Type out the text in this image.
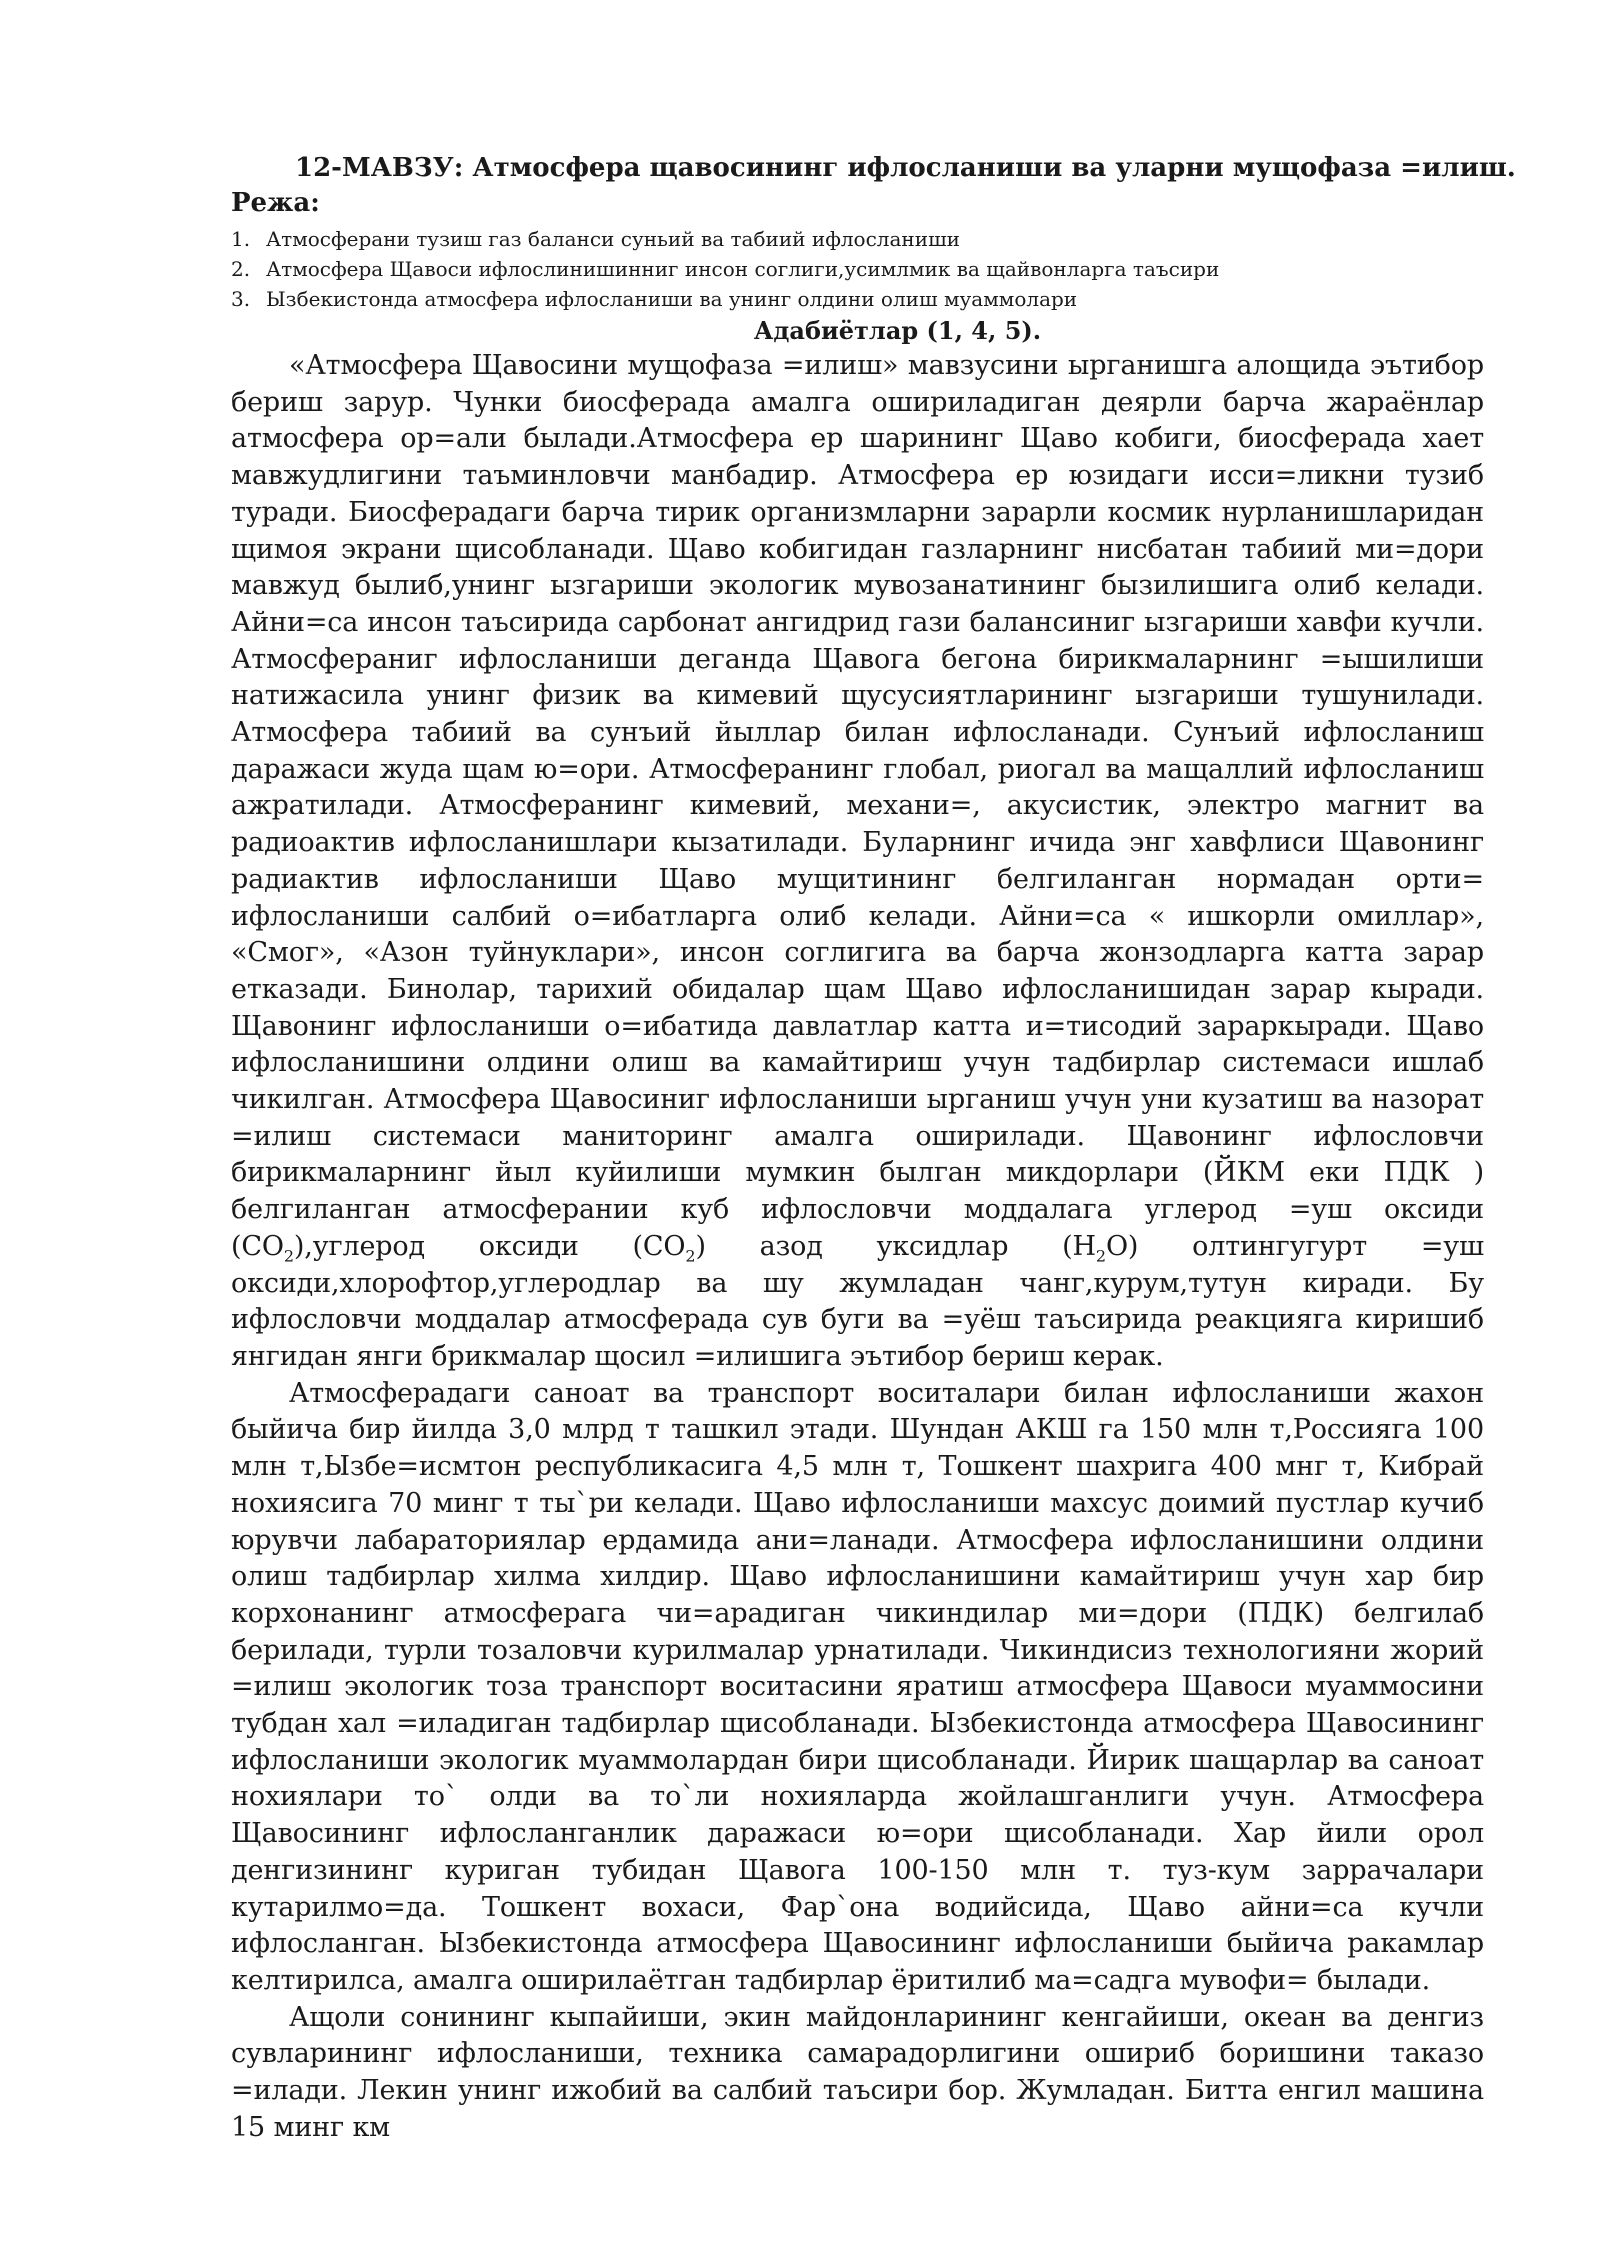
12-МАВЗУ: Атмосфера щавосининг ифлосланиши ва уларни мущофаза =илиш.
Режа:
1. Атмосферани тузиш газ баланси суньий ва табиий ифлосланиши
2. Атмосфера Щавоси ифлослинишинниг инсон соглиги,усимлмик ва щайвонларга таъсири
3. Ызбекистонда атмосфера ифлосланиши ва унинг олдини олиш муаммолари

Адабиётлар (1, 4, 5).

«Атмосфера Щавосини мущофаза =илиш» мавзусини ырганишга алощида эътибор бериш зарур. Чунки биосферада амалга ошириладиган деярли барча жараёнлар атмосфера ор=али былади.Атмосфера ер шарининг Щаво кобиги, биосферада хает мавжудлигини таъминловчи манбадир. Атмосфера ер юзидаги исси=ликни тузиб туради. Биосферадаги барча тирик организмларни зарарли космик нурланишларидан щимоя экрани щисобланади. Щаво кобигидан газларнинг нисбатан табиий ми=дори мавжуд былиб,унинг ызгариши экологик мувозанатининг бызилишига олиб келади. Айни=са инсон таъсирида сарбонат ангидрид гази балансиниг ызгариши хавфи кучли. Атмосфераниг ифлосланиши деганда Щавога бегона бирикмаларнинг =ышилиши натижасила унинг физик ва кимевий щусусиятларининг ызгариши тушунилади. Атмосфера табиий ва сунъий йыллар билан ифлосланади. Сунъий ифлосланиш даражаси жуда щам ю=ори. Атмосферанинг глобал, риогал ва мащаллий ифлосланиш ажратилади. Атмосферанинг кимевий, механи=, акусистик, электро магнит ва радиоактив ифлосланишлари кызатилади. Буларнинг ичида энг хавфлиси Щавонинг радиактив ифлосланиши Щаво мущитининг белгиланган нормадан орти= ифлосланиши салбий о=ибатларга олиб келади. Айни=са « ишкорли омиллар», «Смог», «Азон туйнуклари», инсон соглигига ва барча жонзодларга катта зарар етказади. Бинолар, тарихий обидалар щам Щаво ифлосланишидан зарар кыради. Щавонинг ифлосланиши о=ибатида давлатлар катта и=тисодий зараркыради. Щаво ифлосланишини олдини олиш ва камайтириш учун тадбирлар системаси ишлаб чикилган. Атмосфера Щавосиниг ифлосланиши ырганиш учун уни кузатиш ва назорат =илиш системаси маниторинг амалга оширилади. Щавонинг ифлословчи бирикмаларнинг йыл куйилиши мумкин былган микдорлари (ЙКМ еки ПДК ) белгиланган атмосферании куб ифлословчи моддалага углерод =уш оксиди $(СО_2),углерод$ оксиди $(СО_2)$ азод уксидлар $(Н_2О)$ олтингугурт =уш оксиди,хлорофтор,углеродлар ва шу жумладан чанг,курум,тутун киради. Бу ифлословчи моддалар атмосферада сув буги ва =уёш таъсирида реакцияга киришиб янгидан янги брикмалар щосил =илишига эътибор бериш керак.

Атмосферадаги саноат ва транспорт воситалари билан ифлосланиши жахон быйича бир йилда 3,0 млрд т ташкил этади. Шундан АКШ га 150 млн т,Россияга 100 млн т,Ызбе=исмтон республикасига 4,5 млн т, Тошкент шахрига 400 мнг т, Кибрай нохиясига 70 минг т ты`ри келади. Щаво ифлосланиши махсус доимий пустлар кучиб юрувчи лабараториялар ердамида ани=ланади. Атмосфера ифлосланишини олдини олиш тадбирлар хилма хилдир. Щаво ифлосланишини камайтириш учун хар бир корхонанинг атмосферага чи=арадиган чикиндилар ми=дори (ПДК) белгилаб берилади, турли тозаловчи курилмалар урнатилади. Чикиндисиз технологияни жорий =илиш экологик тоза транспорт воситасини яратиш атмосфера Щавоси муаммосини тубдан хал =иладиган тадбирлар щисобланади. Ызбекистонда атмосфера Щавосининг ифлосланиши экологик муаммолардан бири щисобланади. Йирик шащарлар ва саноат нохиялари то` олди ва то`ли нохияларда жойлашганлиги учун. Атмосфера Щавосининг ифлосланганлик даражаси ю=ори щисобланади. Хар йили орол денгизининг куриган тубидан Щавога 100-150 млн т. туз-кум заррачалари кутарилмо=да. Тошкент вохаси, Фар`она водийсида, Щаво айни=са кучли ифлосланган. Ызбекистонда атмосфера Щавосининг ифлосланиши быйича ракамлар келтирилса, амалга оширилаётган тадбирлар ёритилиб ма=садга мувофи= былади.

Ащоли сонининг кыпайиши, экин майдонларининг кенгайиши, океан ва денгиз сувларининг ифлосланиши, техника самарадорлигини ошириб боришини таказо =илади. Лекин унинг ижобий ва салбий таъсири бор. Жумладан. Битта енгил машина 15 минг км
